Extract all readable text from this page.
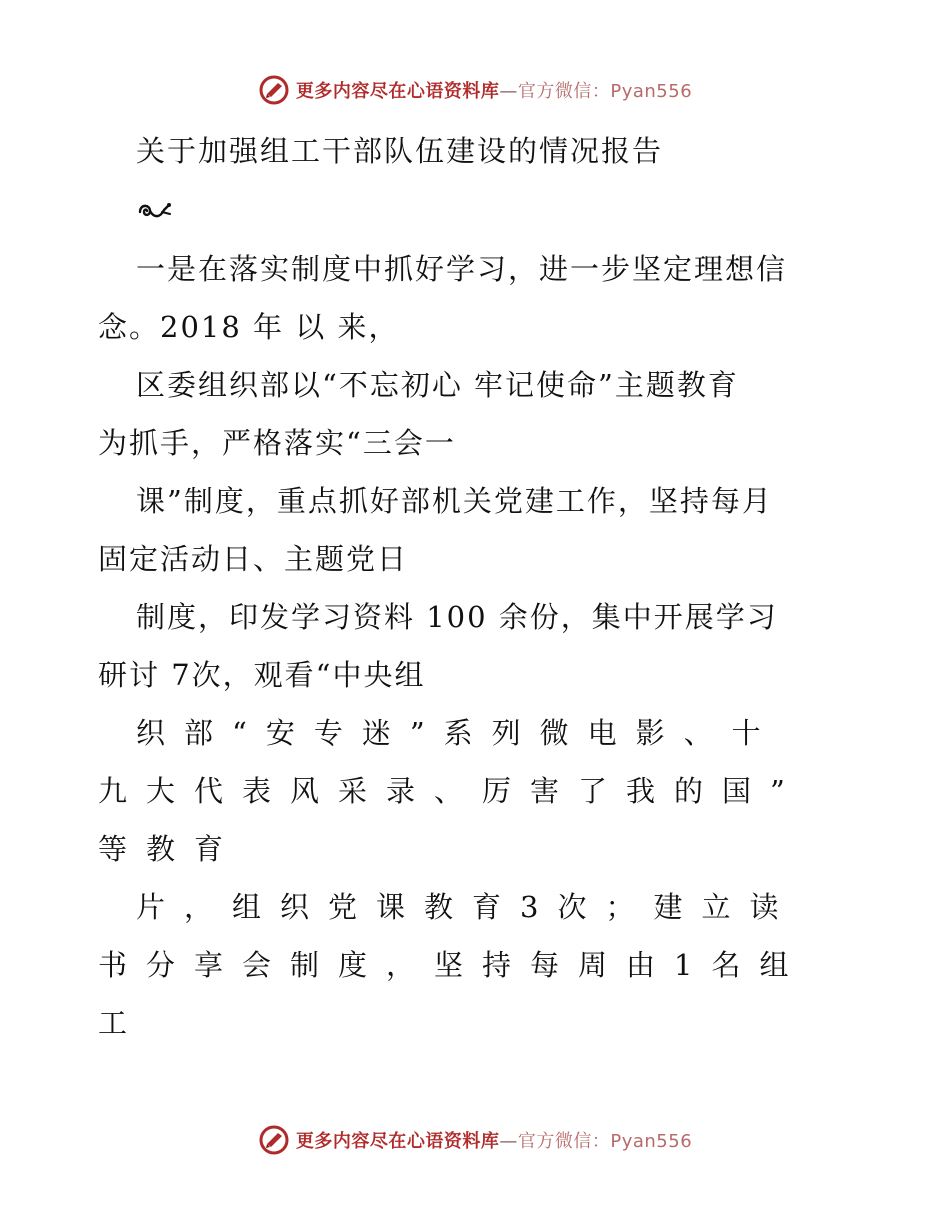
更多内容尽在心语资料库—官方微信：Pyan556
关于加强组工干部队伍建设的情况报告
一是在落实制度中抓好学习，进一步坚定理想信
念。2018 年 以 来，
区委组织部以“不忘初心 牢记使命”主题教育
为抓手，严格落实“三会一
课”制度，重点抓好部机关党建工作，坚持每月
固定活动日、主题党日
制度，印发学习资料 100 余份，集中开展学习
研讨 7次，观看“中央组
织部“安专迷”系列微电影、十
九大代表风采录、厉害了我的国”
等教育
片，组织党课教育3次；建立读
书分享会制度，坚持每周由1名组
工
更多内容尽在心语资料库—官方微信：Pyan556
